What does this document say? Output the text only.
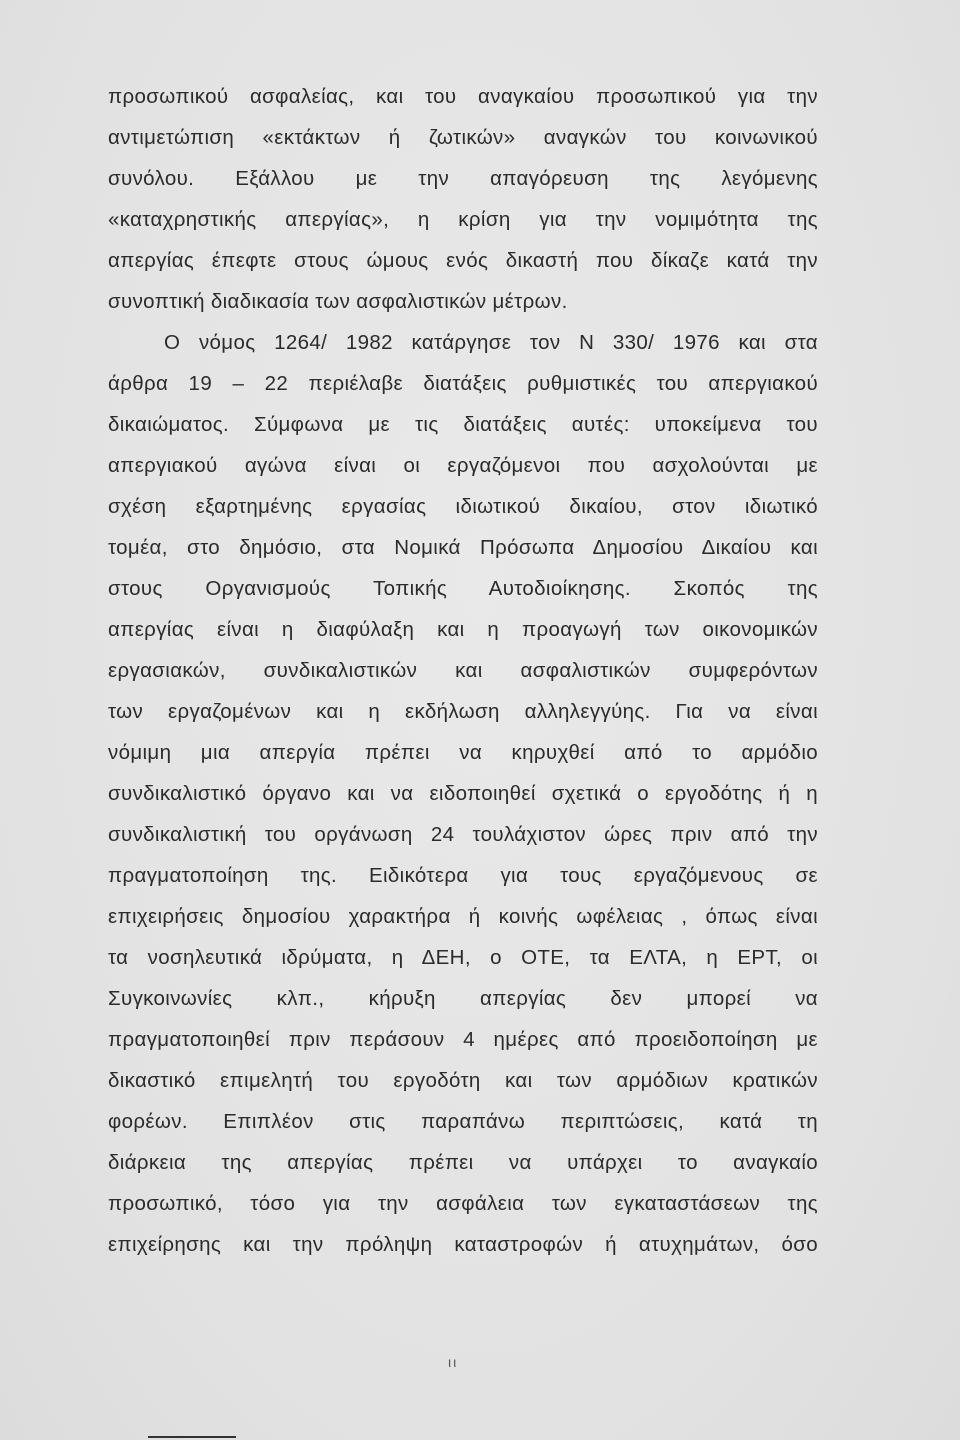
προσωπικού ασφαλείας, και του αναγκαίου προσωπικού για την
αντιμετώπιση «εκτάκτων ή ζωτικών» αναγκών του κοινωνικού
συνόλου. Εξάλλου με την απαγόρευση της λεγόμενης
«καταχρηστικής απεργίας», η κρίση για την νομιμότητα της
απεργίας έπεφτε στους ώμους ενός δικαστή που δίκαζε κατά την
συνοπτική διαδικασία των ασφαλιστικών μέτρων.
Ο νόμος 1264/ 1982 κατάργησε τον Ν 330/ 1976 και στα
άρθρα 19 – 22 περιέλαβε διατάξεις ρυθμιστικές του απεργιακού
δικαιώματος. Σύμφωνα με τις διατάξεις αυτές: υποκείμενα του
απεργιακού αγώνα είναι οι εργαζόμενοι που ασχολούνται με
σχέση εξαρτημένης εργασίας ιδιωτικού δικαίου, στον ιδιωτικό
τομέα, στο δημόσιο, στα Νομικά Πρόσωπα Δημοσίου Δικαίου και
στους Οργανισμούς Τοπικής Αυτοδιοίκησης. Σκοπός της
απεργίας είναι η διαφύλαξη και η προαγωγή των οικονομικών
εργασιακών, συνδικαλιστικών και ασφαλιστικών συμφερόντων
των εργαζομένων και η εκδήλωση αλληλεγγύης. Για να είναι
νόμιμη μια απεργία πρέπει να κηρυχθεί από το αρμόδιο
συνδικαλιστικό όργανο και να ειδοποιηθεί σχετικά ο εργοδότης ή η
συνδικαλιστική του οργάνωση 24 τουλάχιστον ώρες πριν από την
πραγματοποίηση της. Ειδικότερα για τους εργαζόμενους σε
επιχειρήσεις δημοσίου χαρακτήρα ή κοινής ωφέλειας , όπως είναι
τα νοσηλευτικά ιδρύματα, η ΔΕΗ, ο ΟΤΕ, τα ΕΛΤΑ, η ΕΡΤ, οι
Συγκοινωνίες κλπ., κήρυξη απεργίας δεν μπορεί να
πραγματοποιηθεί πριν περάσουν 4 ημέρες από προειδοποίηση με
δικαστικό επιμελητή του εργοδότη και των αρμόδιων κρατικών
φορέων. Επιπλέον στις παραπάνω περιπτώσεις, κατά τη
διάρκεια της απεργίας πρέπει να υπάρχει το αναγκαίο
προσωπικό, τόσο για την ασφάλεια των εγκαταστάσεων της
επιχείρησης και την πρόληψη καταστροφών ή ατυχημάτων, όσο
ιι
